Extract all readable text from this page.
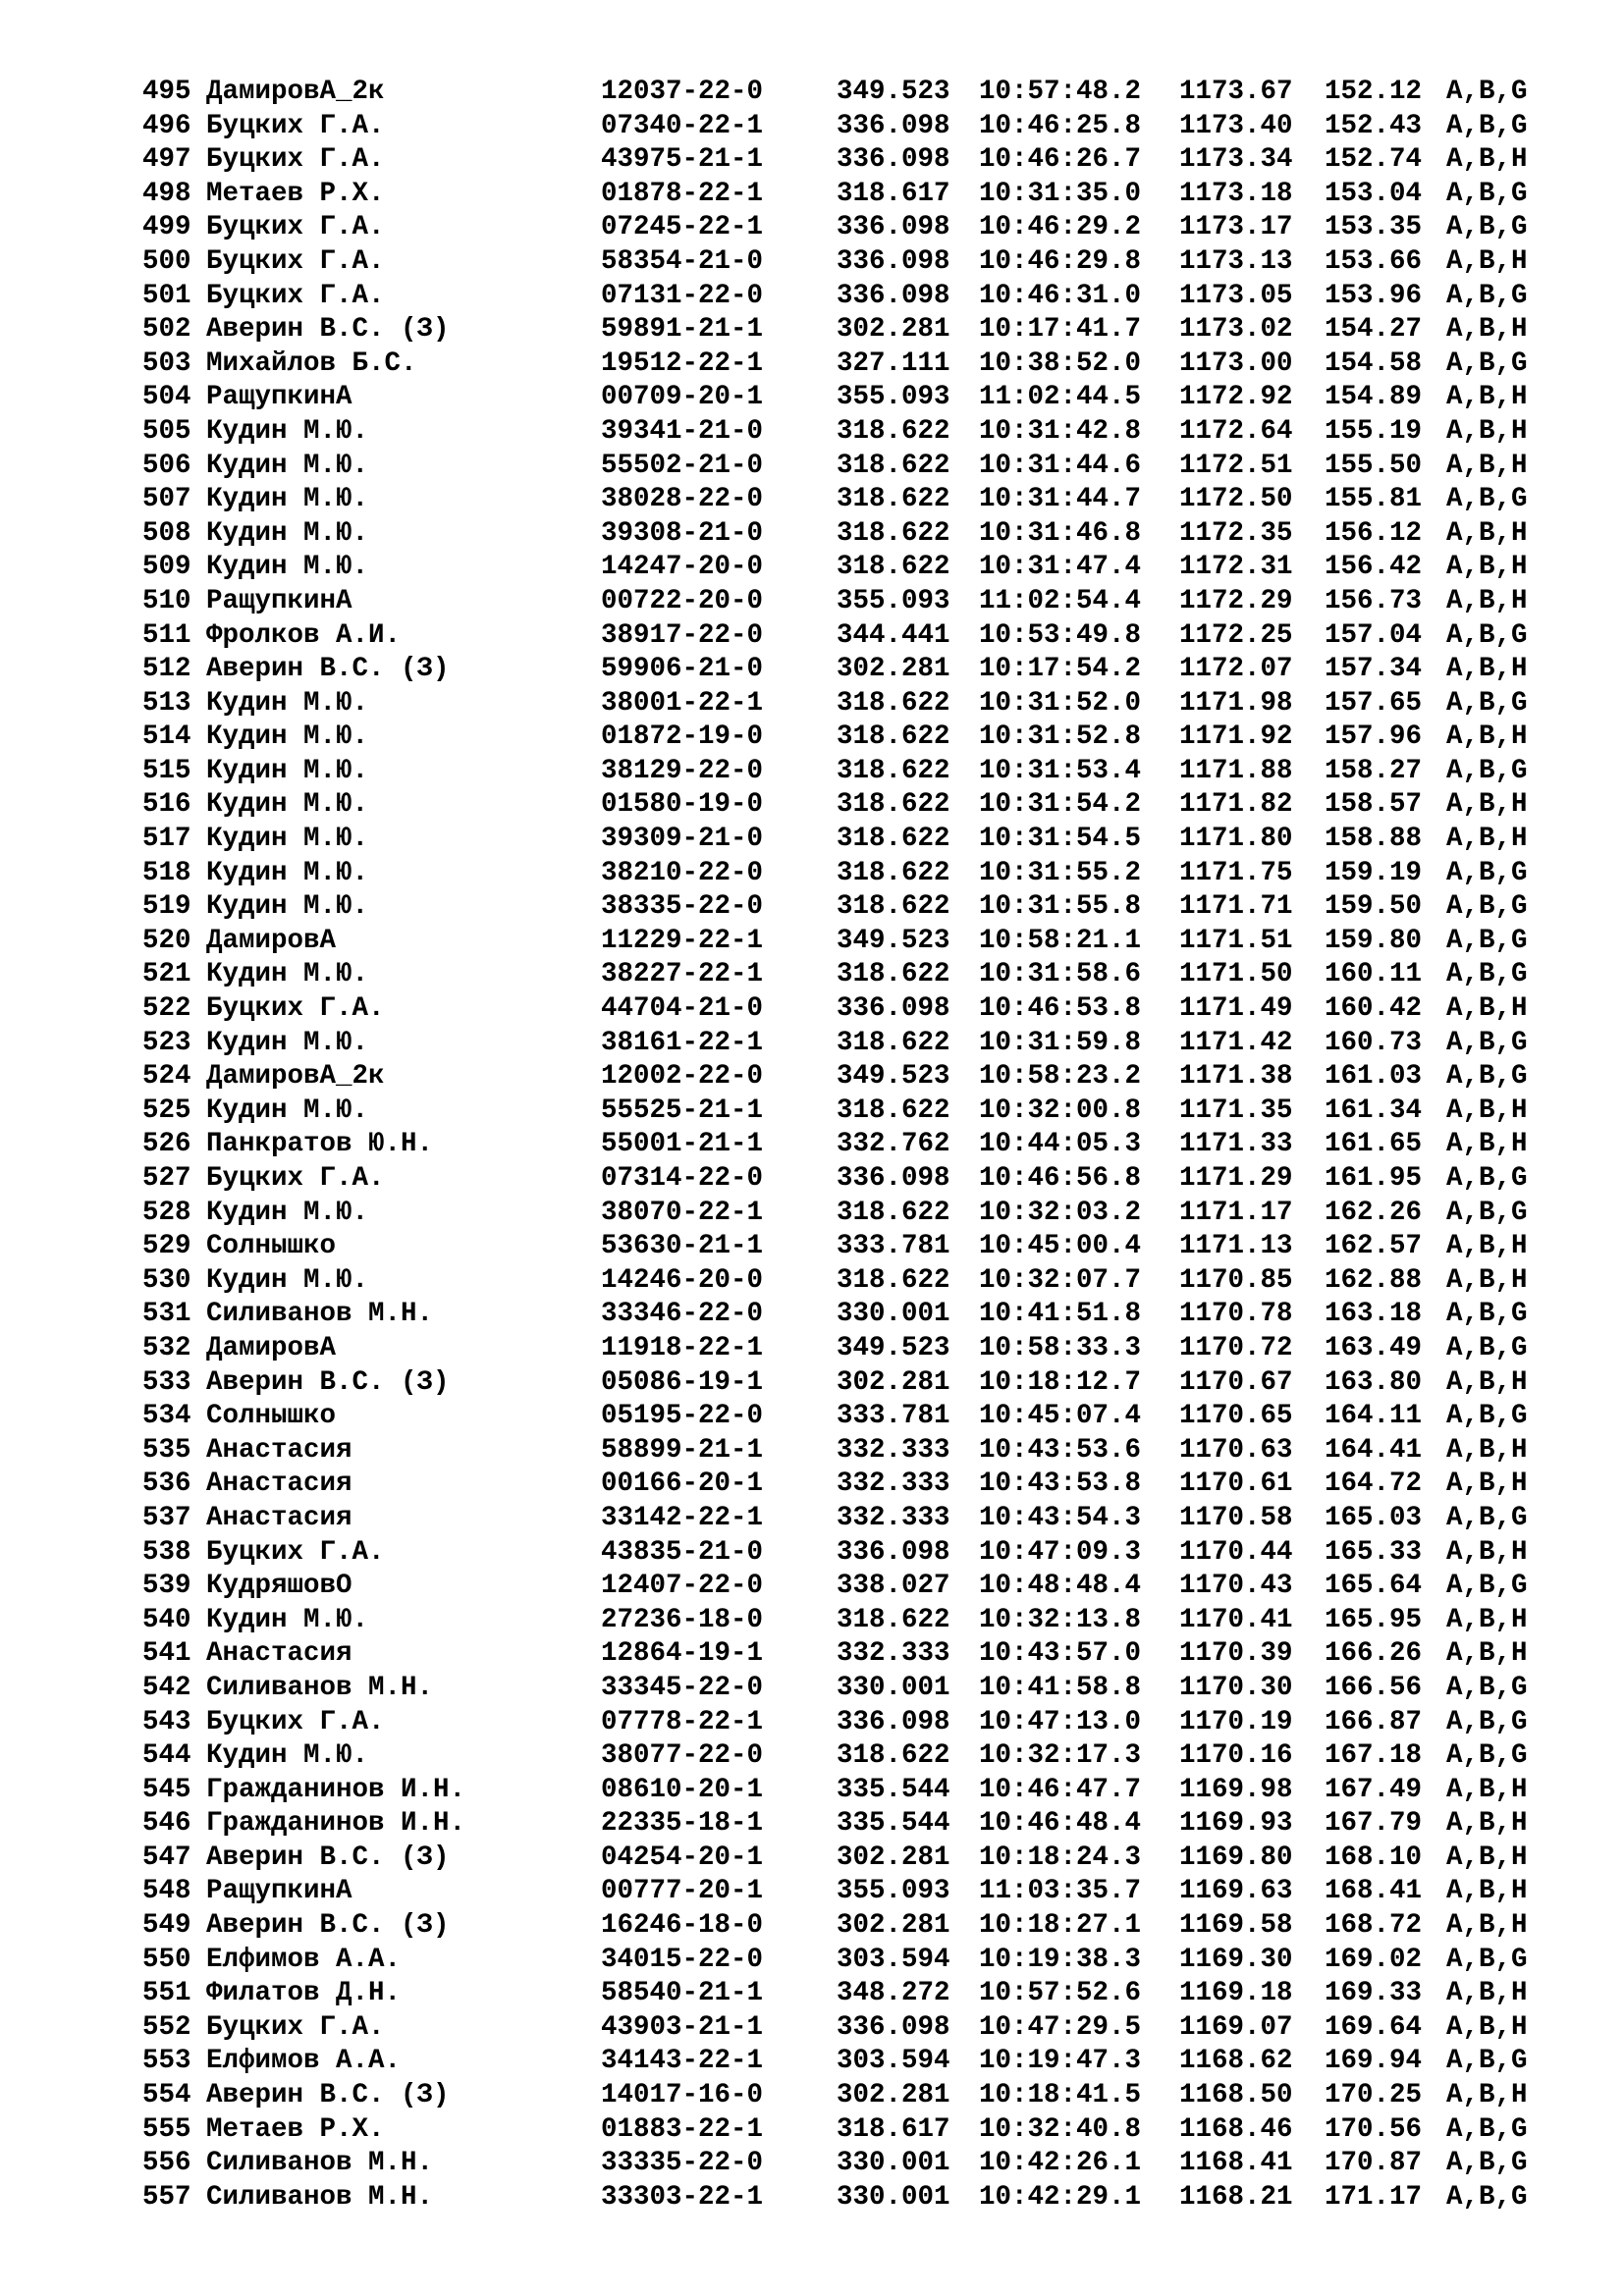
495 ДамировА_2к	12037-22-0	349.523	10:57:48.2	1173.67	152.12 A,B,G
496 Буцких Г.А.	07340-22-1	336.098	10:46:25.8	1173.40	152.43 A,B,G
497 Буцких Г.А.	43975-21-1	336.098	10:46:26.7	1173.34	152.74 A,B,H
498 Метаев Р.Х.	01878-22-1	318.617	10:31:35.0	1173.18	153.04 A,B,G
499 Буцких Г.А.	07245-22-1	336.098	10:46:29.2	1173.17	153.35 A,B,G
500 Буцких Г.А.	58354-21-0	336.098	10:46:29.8	1173.13	153.66 A,B,H
501 Буцких Г.А.	07131-22-0	336.098	10:46:31.0	1173.05	153.96 A,B,G
502 Аверин В.С. (З)	59891-21-1	302.281	10:17:41.7	1173.02	154.27 A,B,H
503 Михайлов Б.С.	19512-22-1	327.111	10:38:52.0	1173.00	154.58 A,B,G
504 РащупкинА	00709-20-1	355.093	11:02:44.5	1172.92	154.89 A,B,H
505 Кудин М.Ю.	39341-21-0	318.622	10:31:42.8	1172.64	155.19 A,B,H
506 Кудин М.Ю.	55502-21-0	318.622	10:31:44.6	1172.51	155.50 A,B,H
507 Кудин М.Ю.	38028-22-0	318.622	10:31:44.7	1172.50	155.81 A,B,G
508 Кудин М.Ю.	39308-21-0	318.622	10:31:46.8	1172.35	156.12 A,B,H
509 Кудин М.Ю.	14247-20-0	318.622	10:31:47.4	1172.31	156.42 A,B,H
510 РащупкинА	00722-20-0	355.093	11:02:54.4	1172.29	156.73 A,B,H
511 Фролков А.И.	38917-22-0	344.441	10:53:49.8	1172.25	157.04 A,B,G
512 Аверин В.С. (З)	59906-21-0	302.281	10:17:54.2	1172.07	157.34 A,B,H
513 Кудин М.Ю.	38001-22-1	318.622	10:31:52.0	1171.98	157.65 A,B,G
514 Кудин М.Ю.	01872-19-0	318.622	10:31:52.8	1171.92	157.96 A,B,H
515 Кудин М.Ю.	38129-22-0	318.622	10:31:53.4	1171.88	158.27 A,B,G
516 Кудин М.Ю.	01580-19-0	318.622	10:31:54.2	1171.82	158.57 A,B,H
517 Кудин М.Ю.	39309-21-0	318.622	10:31:54.5	1171.80	158.88 A,B,H
518 Кудин М.Ю.	38210-22-0	318.622	10:31:55.2	1171.75	159.19 A,B,G
519 Кудин М.Ю.	38335-22-0	318.622	10:31:55.8	1171.71	159.50 A,B,G
520 ДамировА	11229-22-1	349.523	10:58:21.1	1171.51	159.80 A,B,G
521 Кудин М.Ю.	38227-22-1	318.622	10:31:58.6	1171.50	160.11 A,B,G
522 Буцких Г.А.	44704-21-0	336.098	10:46:53.8	1171.49	160.42 A,B,H
523 Кудин М.Ю.	38161-22-1	318.622	10:31:59.8	1171.42	160.73 A,B,G
524 ДамировА_2к	12002-22-0	349.523	10:58:23.2	1171.38	161.03 A,B,G
525 Кудин М.Ю.	55525-21-1	318.622	10:32:00.8	1171.35	161.34 A,B,H
526 Панкратов Ю.Н.	55001-21-1	332.762	10:44:05.3	1171.33	161.65 A,B,H
527 Буцких Г.А.	07314-22-0	336.098	10:46:56.8	1171.29	161.95 A,B,G
528 Кудин М.Ю.	38070-22-1	318.622	10:32:03.2	1171.17	162.26 A,B,G
529 Солнышко	53630-21-1	333.781	10:45:00.4	1171.13	162.57 A,B,H
530 Кудин М.Ю.	14246-20-0	318.622	10:32:07.7	1170.85	162.88 A,B,H
531 Силиванов М.Н.	33346-22-0	330.001	10:41:51.8	1170.78	163.18 A,B,G
532 ДамировА	11918-22-1	349.523	10:58:33.3	1170.72	163.49 A,B,G
533 Аверин В.С. (З)	05086-19-1	302.281	10:18:12.7	1170.67	163.80 A,B,H
534 Солнышко	05195-22-0	333.781	10:45:07.4	1170.65	164.11 A,B,G
535 Анастасия	58899-21-1	332.333	10:43:53.6	1170.63	164.41 A,B,H
536 Анастасия	00166-20-1	332.333	10:43:53.8	1170.61	164.72 A,B,H
537 Анастасия	33142-22-1	332.333	10:43:54.3	1170.58	165.03 A,B,G
538 Буцких Г.А.	43835-21-0	336.098	10:47:09.3	1170.44	165.33 A,B,H
539 КудряшовО	12407-22-0	338.027	10:48:48.4	1170.43	165.64 A,B,G
540 Кудин М.Ю.	27236-18-0	318.622	10:32:13.8	1170.41	165.95 A,B,H
541 Анастасия	12864-19-1	332.333	10:43:57.0	1170.39	166.26 A,B,H
542 Силиванов М.Н.	33345-22-0	330.001	10:41:58.8	1170.30	166.56 A,B,G
543 Буцких Г.А.	07778-22-1	336.098	10:47:13.0	1170.19	166.87 A,B,G
544 Кудин М.Ю.	38077-22-0	318.622	10:32:17.3	1170.16	167.18 A,B,G
545 Гражданинов И.Н.	08610-20-1	335.544	10:46:47.7	1169.98	167.49 A,B,H
546 Гражданинов И.Н.	22335-18-1	335.544	10:46:48.4	1169.93	167.79 A,B,H
547 Аверин В.С. (З)	04254-20-1	302.281	10:18:24.3	1169.80	168.10 A,B,H
548 РащупкинА	00777-20-1	355.093	11:03:35.7	1169.63	168.41 A,B,H
549 Аверин В.С. (З)	16246-18-0	302.281	10:18:27.1	1169.58	168.72 A,B,H
550 Елфимов А.А.	34015-22-0	303.594	10:19:38.3	1169.30	169.02 A,B,G
551 Филатов Д.Н.	58540-21-1	348.272	10:57:52.6	1169.18	169.33 A,B,H
552 Буцких Г.А.	43903-21-1	336.098	10:47:29.5	1169.07	169.64 A,B,H
553 Елфимов А.А.	34143-22-1	303.594	10:19:47.3	1168.62	169.94 A,B,G
554 Аверин В.С. (З)	14017-16-0	302.281	10:18:41.5	1168.50	170.25 A,B,H
555 Метаев Р.Х.	01883-22-1	318.617	10:32:40.8	1168.46	170.56 A,B,G
556 Силиванов М.Н.	33335-22-0	330.001	10:42:26.1	1168.41	170.87 A,B,G
557 Силиванов М.Н.	33303-22-1	330.001	10:42:29.1	1168.21	171.17 A,B,G
